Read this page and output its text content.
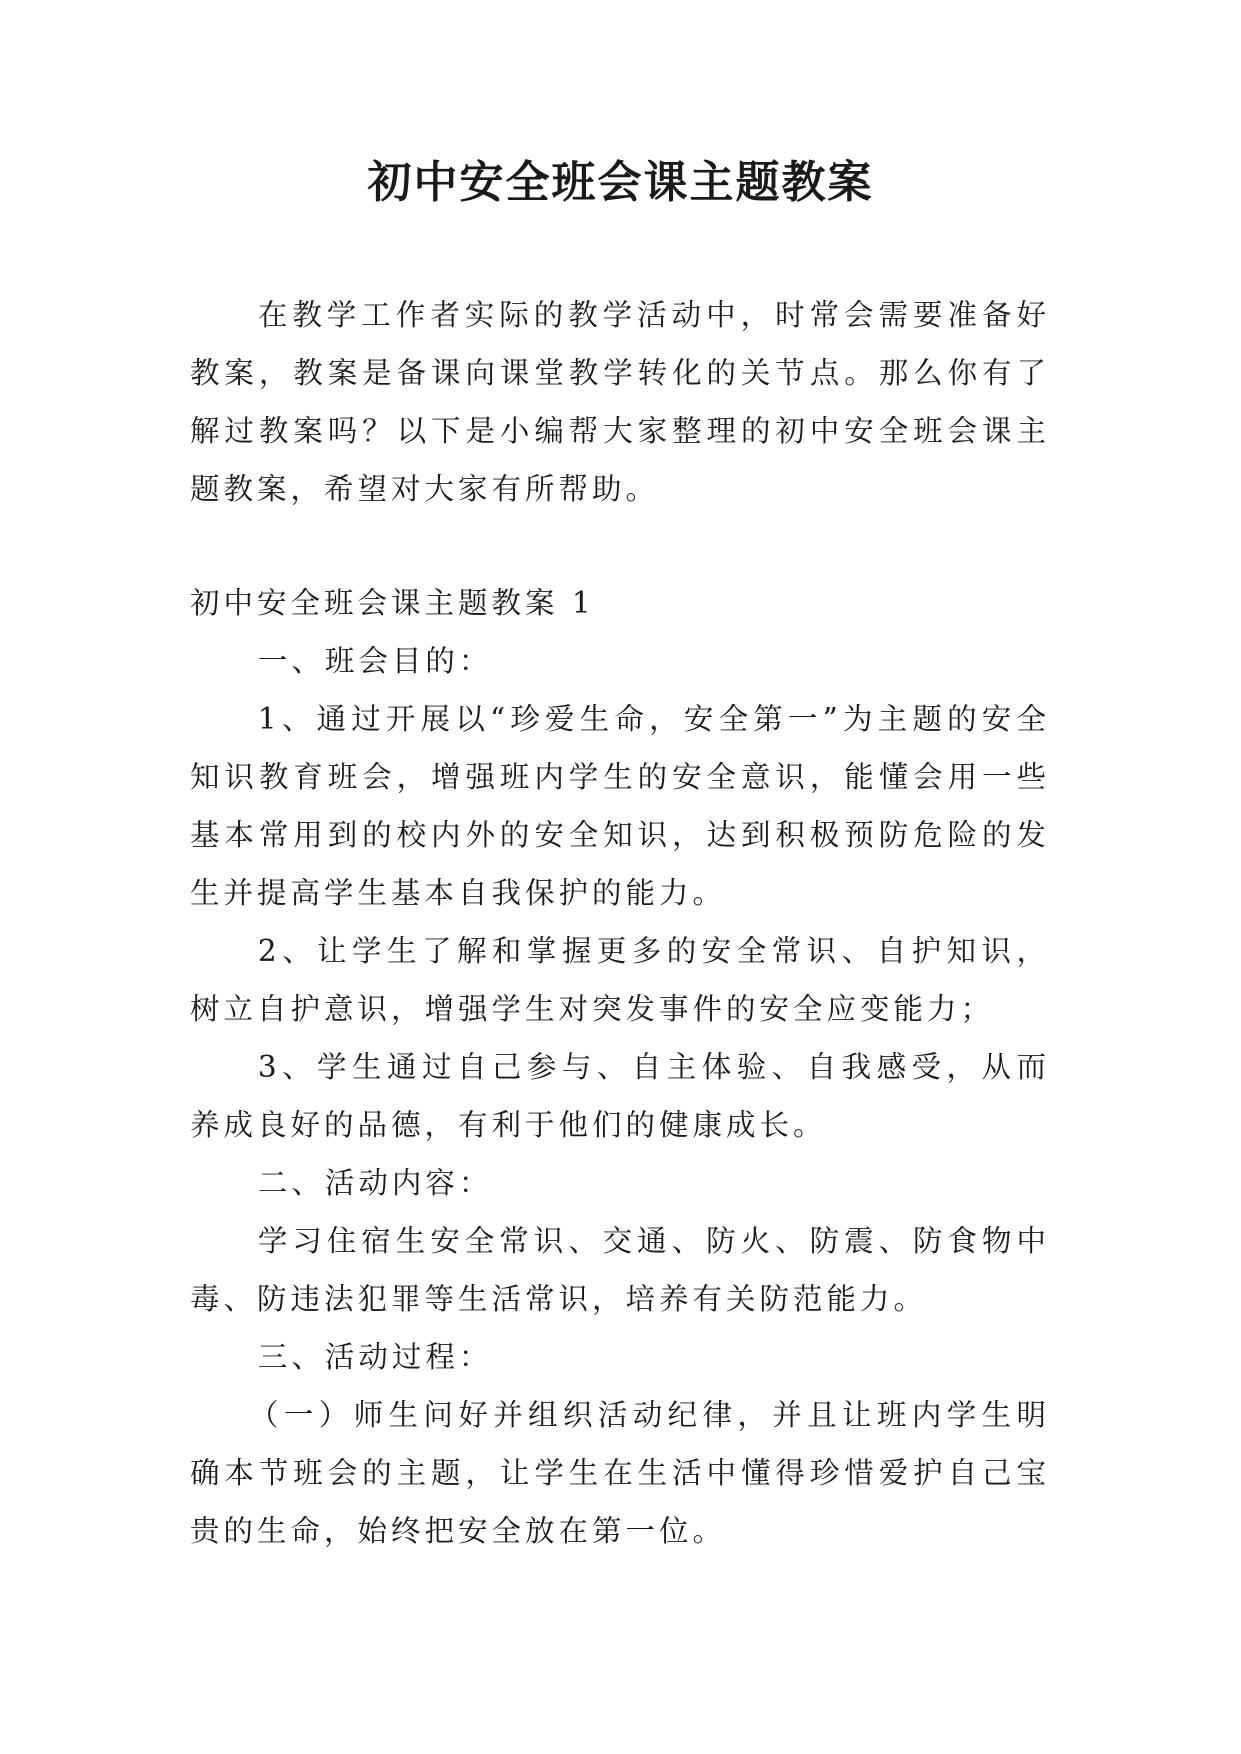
初中安全班会课主题教案

在教学工作者实际的教学活动中，时常会需要准备好教案，教案是备课向课堂教学转化的关节点。那么你有了解过教案吗？以下是小编帮大家整理的初中安全班会课主题教案，希望对大家有所帮助。

初中安全班会课主题教案 1

一、班会目的：

1、通过开展以“珍爱生命，安全第一”为主题的安全知识教育班会，增强班内学生的安全意识，能懂会用一些基本常用到的校内外的安全知识，达到积极预防危险的发生并提高学生基本自我保护的能力。

2、让学生了解和掌握更多的安全常识、自护知识，树立自护意识，增强学生对突发事件的安全应变能力；

3、学生通过自己参与、自主体验、自我感受，从而养成良好的品德，有利于他们的健康成长。

二、活动内容：

学习住宿生安全常识、交通、防火、防震、防食物中毒、防违法犯罪等生活常识，培养有关防范能力。

三、活动过程：

（一）师生问好并组织活动纪律，并且让班内学生明确本节班会的主题，让学生在生活中懂得珍惜爱护自己宝贵的生命，始终把安全放在第一位。
